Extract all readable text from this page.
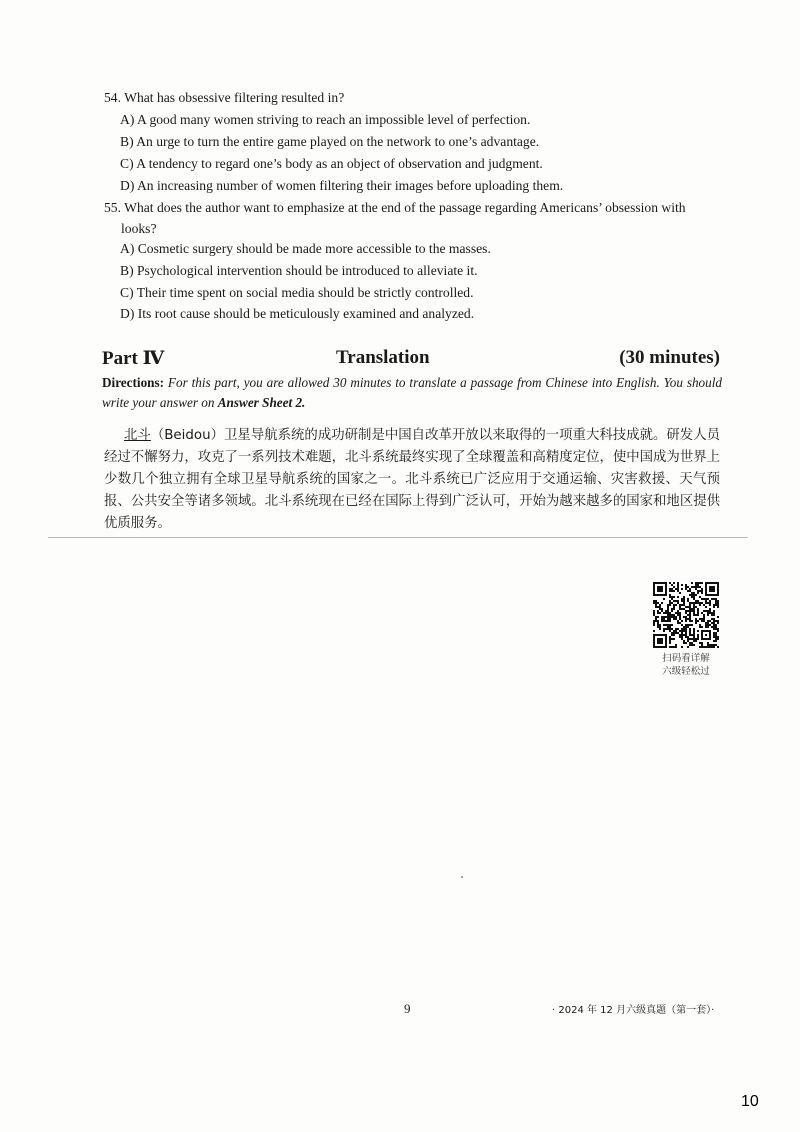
54. What has obsessive filtering resulted in?
A) A good many women striving to reach an impossible level of perfection.
B) An urge to turn the entire game played on the network to one’s advantage.
C) A tendency to regard one’s body as an object of observation and judgment.
D) An increasing number of women filtering their images before uploading them.
55. What does the author want to emphasize at the end of the passage regarding Americans’ obsession with
looks?
A) Cosmetic surgery should be made more accessible to the masses.
B) Psychological intervention should be introduced to alleviate it.
C) Their time spent on social media should be strictly controlled.
D) Its root cause should be meticulously examined and analyzed.
Part Ⅳ	Translation	(30 minutes)
Directions: For this part, you are allowed 30 minutes to translate a passage from Chinese into English. You should write your answer on Answer Sheet 2.
北斗（Beidou）卫星导航系统的成功研制是中国自改革开放以来取得的一项重大科技成就。研发人员经过不懈努力，攻克了一系列技术难题，北斗系统最终实现了全球覆盖和高精度定位，使中国成为世界上少数几个独立拥有全球卫星导航系统的国家之一。北斗系统已广泛应用于交通运输、灾害救援、天气预报、公共安全等诸多领域。北斗系统现在已经在国际上得到广泛认可，开始为越来越多的国家和地区提供优质服务。
扫码看详解
六级轻松过
9	· 2024 年 12 月六级真题（第一套）·
10
